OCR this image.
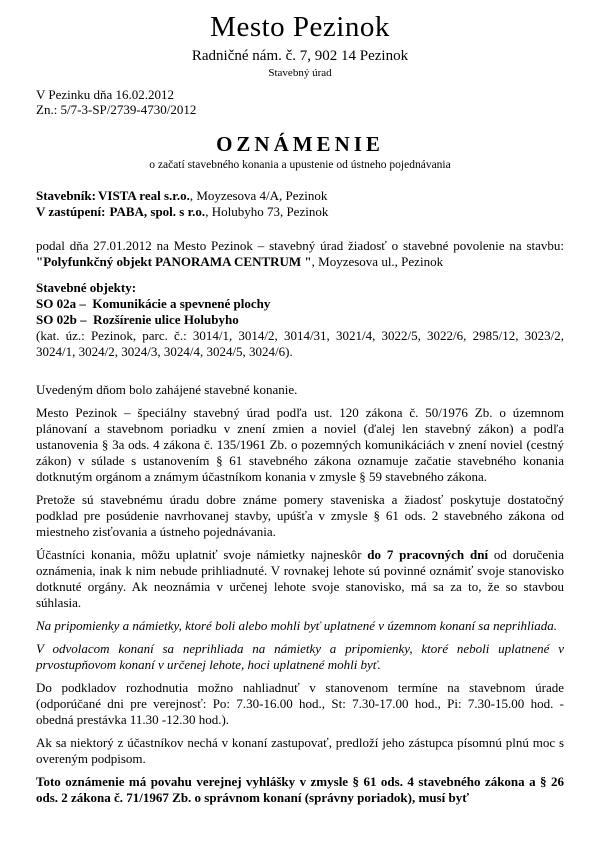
Mesto Pezinok
Radničné nám. č. 7, 902 14 Pezinok
Stavebný úrad
V Pezinku dňa 16.02.2012
Zn.: 5/7-3-SP/2739-4730/2012
OZNÁMENIE
o začatí stavebného konania a upustenie od ústneho pojednávania
Stavebník: VISTA real s.r.o., Moyzesova 4/A, Pezinok
V zastúpení: PABA, spol. s r.o., Holubyho 73, Pezinok

podal dňa 27.01.2012 na Mesto Pezinok – stavebný úrad žiadosť o stavebné povolenie na stavbu: "Polyfunkčný objekt PANORAMA CENTRUM ", Moyzesova ul., Pezinok

Stavebné objekty:
SO 02a – Komunikácie a spevnené plochy
SO 02b – Rozšírenie ulice Holubyho

(kat. úz.: Pezinok, parc. č.: 3014/1, 3014/2, 3014/31, 3021/4, 3022/5, 3022/6, 2985/12, 3023/2, 3024/1, 3024/2, 3024/3, 3024/4, 3024/5, 3024/6).

Uvedeným dňom bolo zahájené stavebné konanie.

Mesto Pezinok – špeciálny stavebný úrad podľa ust. 120 zákona č. 50/1976 Zb. o územnom plánovaní a stavebnom poriadku v znení zmien a noviel (ďalej len stavebný zákon) a podľa ustanovenia § 3a ods. 4 zákona č. 135/1961 Zb. o pozemných komunikáciách v znení noviel (cestný zákon) v súlade s ustanovením § 61 stavebného zákona oznamuje začatie stavebného konania dotknutým orgánom a známym účastníkom konania v zmysle § 59 stavebného zákona.

Pretože sú stavebnému úradu dobre známe pomery staveniska a žiadosť poskytuje dostatočný podklad pre posúdenie navrhovanej stavby, upúšťa v zmysle § 61 ods. 2 stavebného zákona od miestneho zisťovania a ústneho pojednávania.

Účastníci konania, môžu uplatniť svoje námietky najneskôr do 7 pracovných dní od doručenia oznámenia, inak k nim nebude prihliadnuté. V rovnakej lehote sú povinné oznámiť svoje stanovisko dotknuté orgány. Ak neoznámia v určenej lehote svoje stanovisko, má sa za to, že so stavbou súhlasia.

Na pripomienky a námietky, ktoré boli alebo mohli byť uplatnené v územnom konaní sa neprihliada.

V odvolacom konaní sa neprihliada na námietky a pripomienky, ktoré neboli uplatnené v prvostupňovom konaní v určenej lehote, hoci uplatnené mohli byť.

Do podkladov rozhodnutia možno nahliadnuť v stanovenom termíne na stavebnom úrade (odporúčané dni pre verejnosť: Po: 7.30-16.00 hod., St: 7.30-17.00 hod., Pi: 7.30-15.00 hod. - obedná prestávka 11.30 -12.30 hod.).

Ak sa niektorý z účastníkov nechá v konaní zastupovať, predloží jeho zástupca písomnú plnú moc s overeným podpisom.

Toto oznámenie má povahu verejnej vyhlášky v zmysle § 61 ods. 4 stavebného zákona a § 26 ods. 2 zákona č. 71/1967 Zb. o správnom konaní (správny poriadok), musí byť
